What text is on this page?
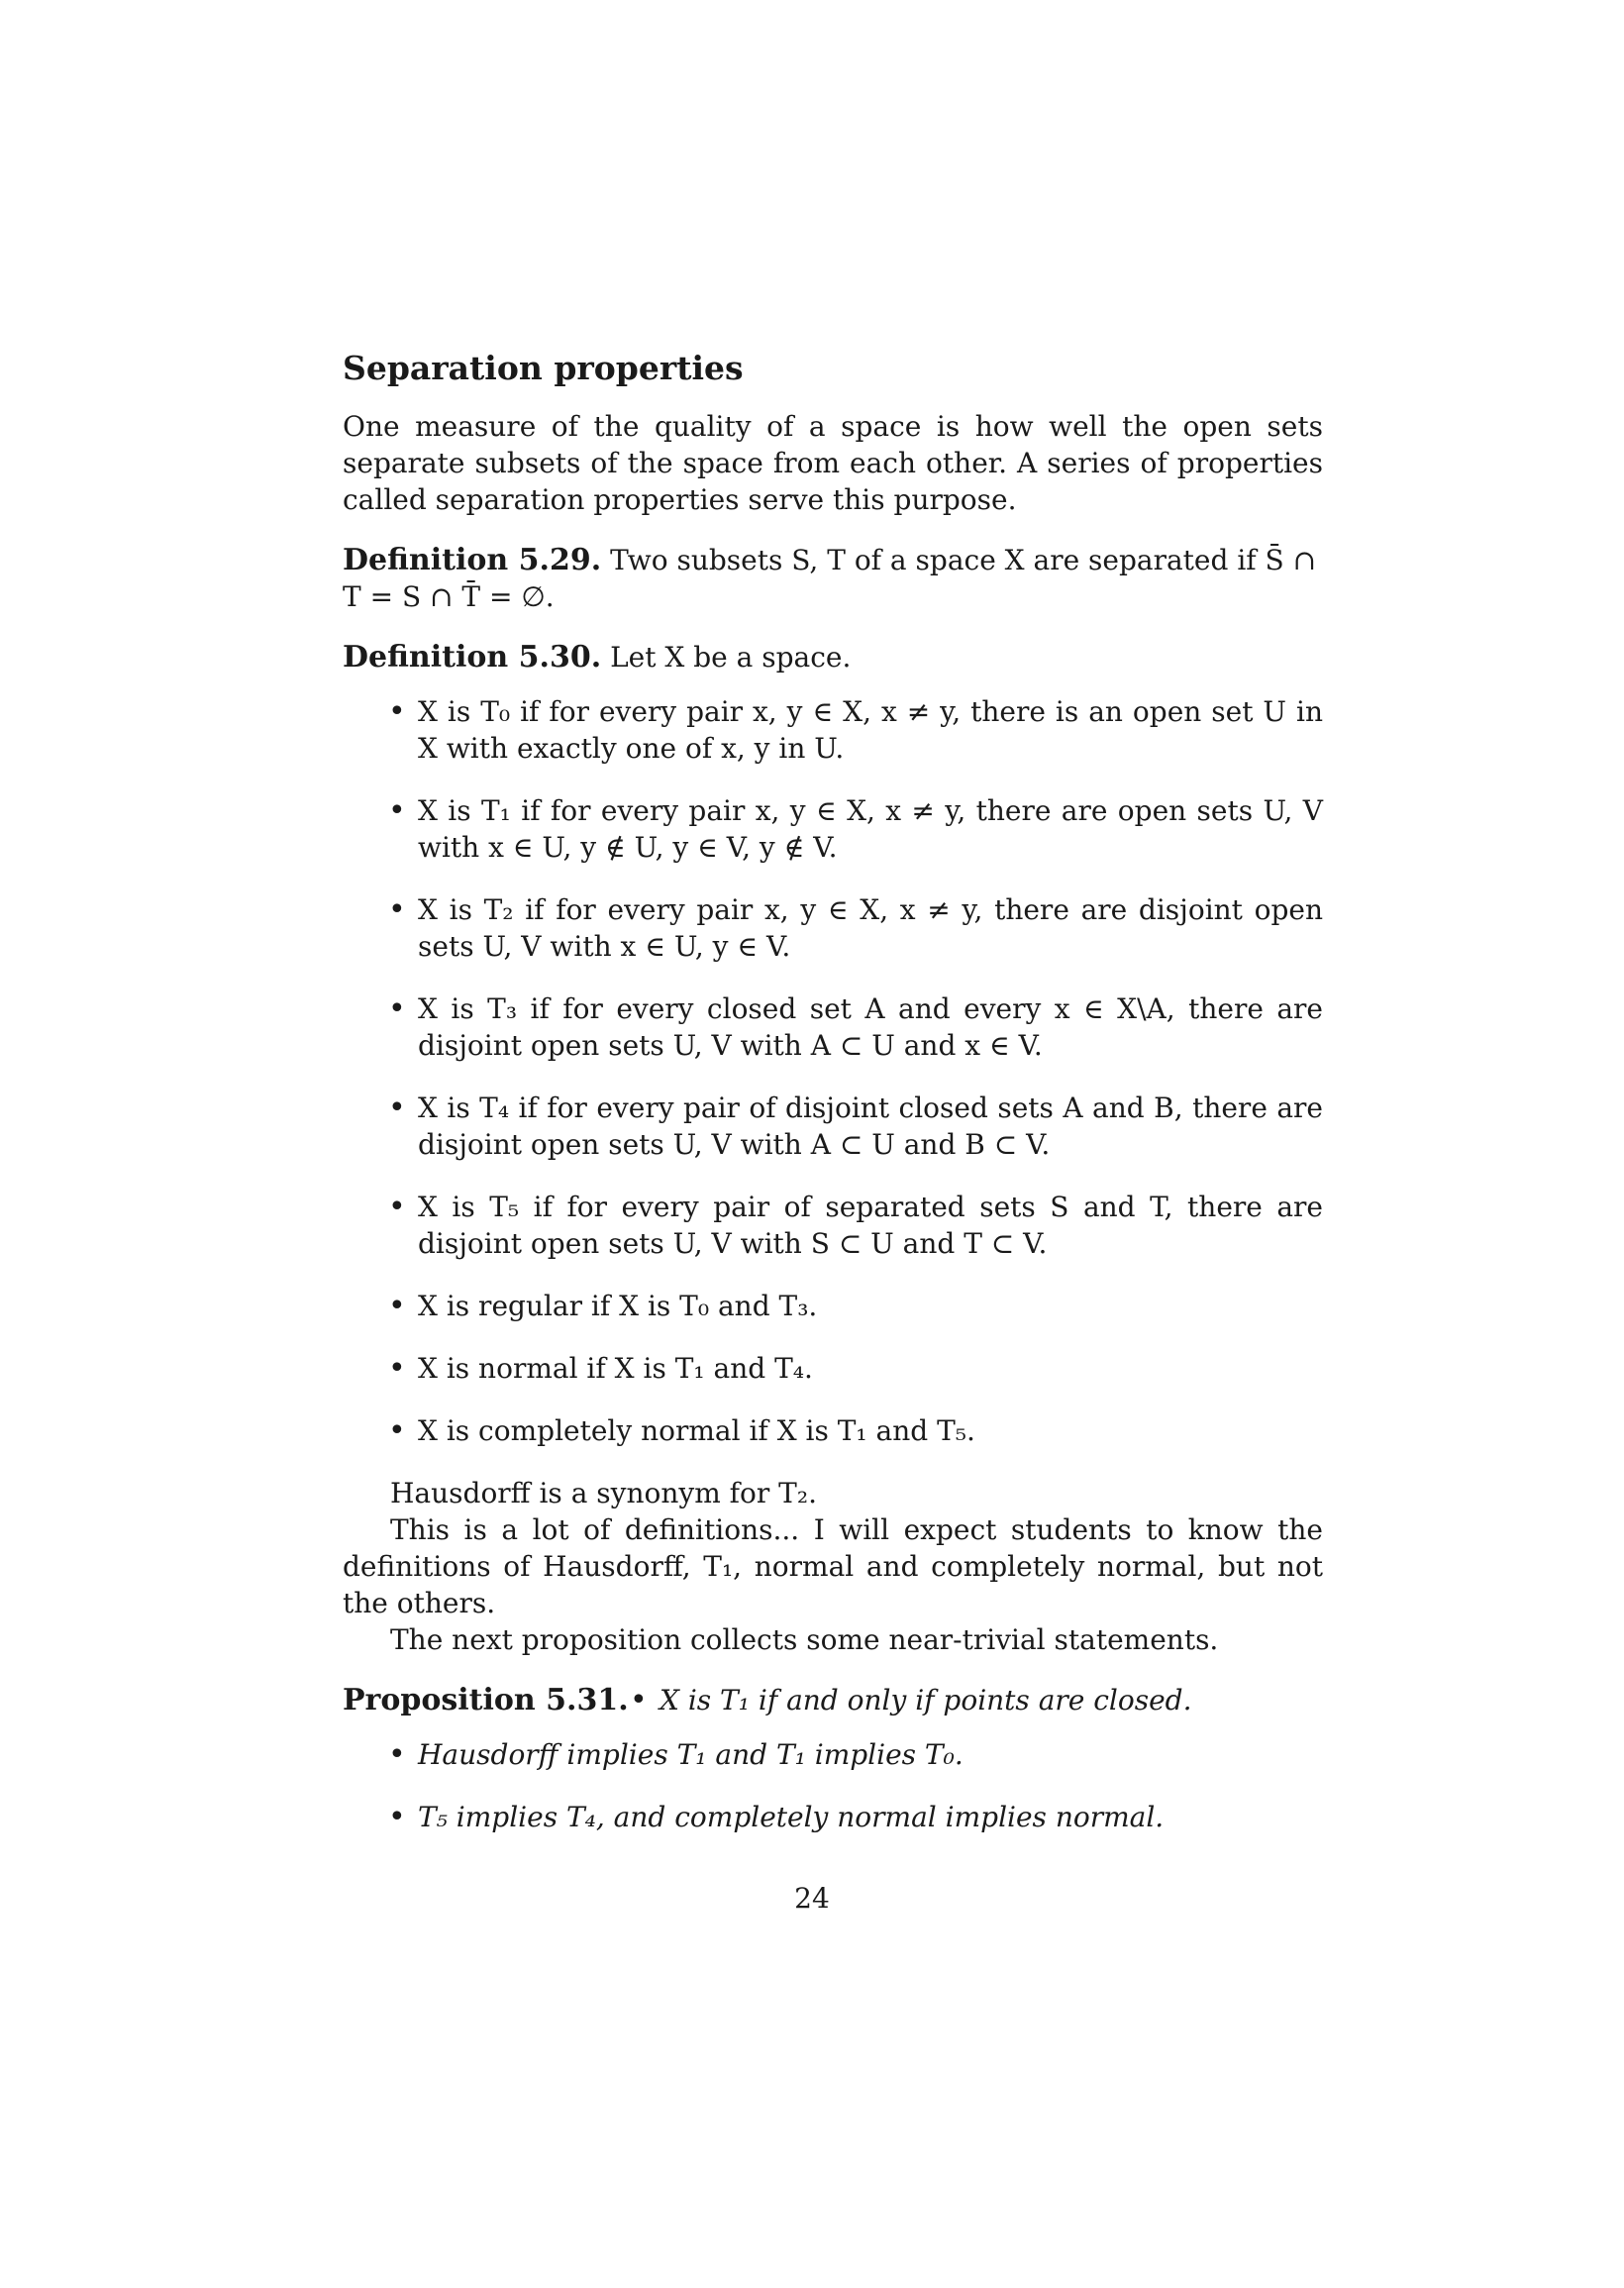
Separation properties

One measure of the quality of a space is how well the open sets separate subsets of the space from each other. A series of properties called separation properties serve this purpose.

Definition 5.29. Two subsets S, T of a space X are separated if S̄ ∩ T = S ∩ T̄ = ∅.
Definition 5.30. Let X be a space.
• X is T₀ if for every pair x, y ∈ X, x ≠ y, there is an open set U in X with exactly one of x, y in U.
• X is T₁ if for every pair x, y ∈ X, x ≠ y, there are open sets U, V with x ∈ U, y ∉ U, y ∈ V, y ∉ V.
• X is T₂ if for every pair x, y ∈ X, x ≠ y, there are disjoint open sets U, V with x ∈ U, y ∈ V.
• X is T₃ if for every closed set A and every x ∈ X\A, there are disjoint open sets U, V with A ⊂ U and x ∈ V.
• X is T₄ if for every pair of disjoint closed sets A and B, there are disjoint open sets U, V with A ⊂ U and B ⊂ V.
• X is T₅ if for every pair of separated sets S and T, there are disjoint open sets U, V with S ⊂ U and T ⊂ V.
• X is regular if X is T₀ and T₃.
• X is normal if X is T₁ and T₄.
• X is completely normal if X is T₁ and T₅.

Hausdorff is a synonym for T₂.

This is a lot of definitions... I will expect students to know the definitions of Hausdorff, T₁, normal and completely normal, but not the others.

The next proposition collects some near-trivial statements.

Proposition 5.31.
•	X is T₁ if and only if points are closed.
• Hausdorff implies T₁ and T₁ implies T₀.
• T₅ implies T₄, and completely normal implies normal.
24
